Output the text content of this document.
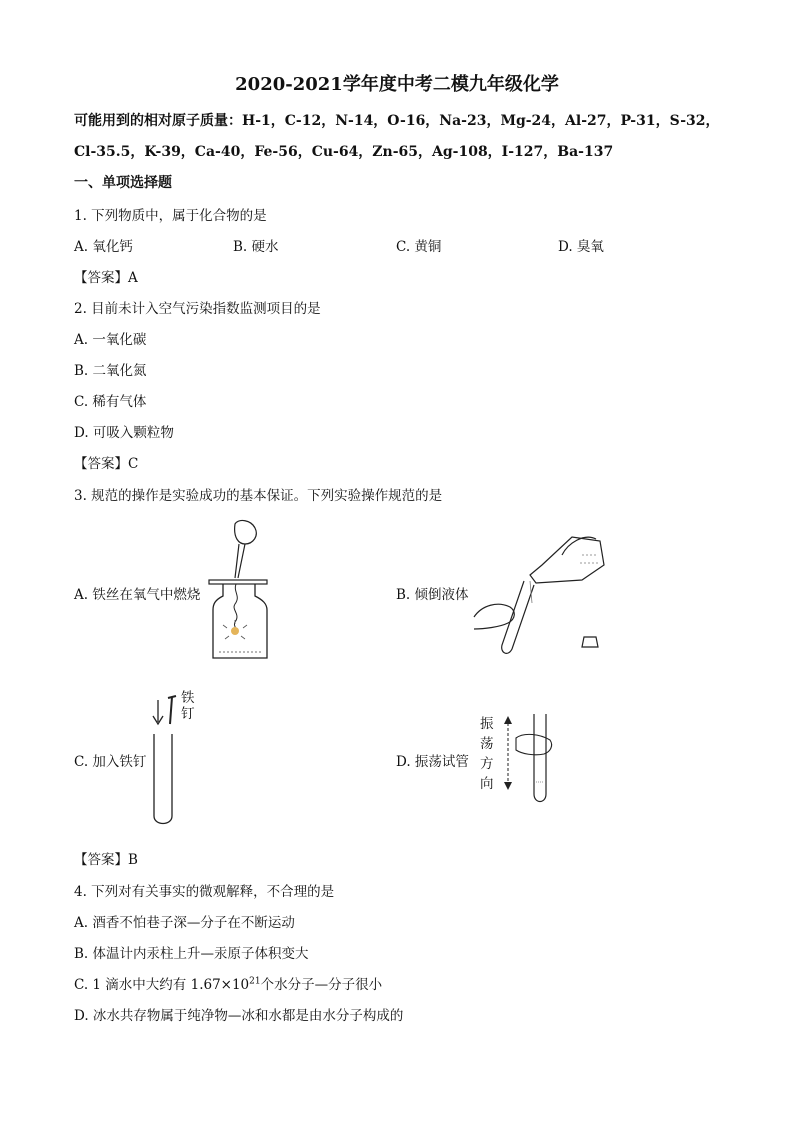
2020-2021学年度中考二模九年级化学
可能用到的相对原子质量：H-1，C-12，N-14，O-16，Na-23，Mg-24，Al-27，P-31，S-32，
Cl-35.5，K-39，Ca-40，Fe-56，Cu-64，Zn-65，Ag-108，I-127，Ba-137
一、单项选择题
1. 下列物质中，属于化合物的是
A. 氧化钙	B. 硬水	C. 黄铜	D. 臭氧
【答案】A
2. 目前未计入空气污染指数监测项目的是
A. 一氧化碳
B. 二氧化氮
C. 稀有气体
D. 可吸入颗粒物
【答案】C
3. 规范的操作是实验成功的基本保证。下列实验操作规范的是
A. 铁丝在氧气中燃烧	B. 倾倒液体
C. 加入铁钉
铁
钉
D. 振荡试管
振
荡
方
向
【答案】B
4. 下列对有关事实的微观解释，不合理的是
A. 酒香不怕巷子深—分子在不断运动
B. 体温计内汞柱上升—汞原子体积变大
C. 1 滴水中大约有 $1.67\times 10^{21}$个水分子—分子很小
D. 冰水共存物属于纯净物—冰和水都是由水分子构成的
